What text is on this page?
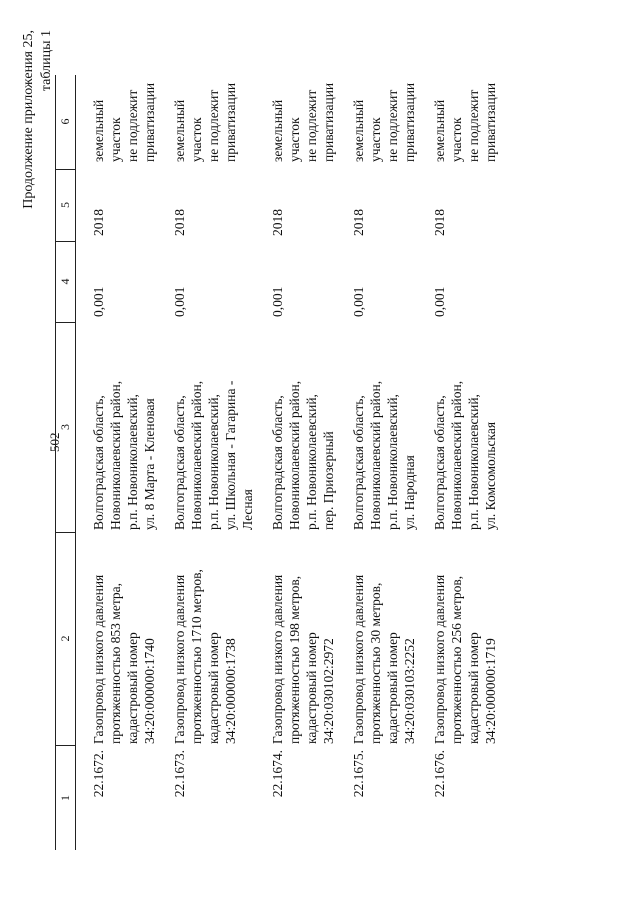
502
Продолжение приложения 25, таблицы 1
1
2
3
4
5
6
22.1672.
Газопровод низкого давления протяженностью 853 метра, кадастровый номер 34:20:000000:1740
Волгоградская область, Новониколаевский район, р.п. Новониколаевский, ул. 8 Марта - Кленовая
0,001
2018
земельный участок не подлежит приватизации
22.1673.
Газопровод низкого давления протяженностью 1710 метров, кадастровый номер 34:20:000000:1738
Волгоградская область, Новониколаевский район, р.п. Новониколаевский, ул. Школьная - Гагарина - Лесная
0,001
2018
земельный участок не подлежит приватизации
22.1674.
Газопровод низкого давления протяженностью 198 метров, кадастровый номер 34:20:030102:2972
Волгоградская область, Новониколаевский район, р.п. Новониколаевский, пер. Приозерный
0,001
2018
земельный участок не подлежит приватизации
22.1675.
Газопровод низкого давления протяженностью 30 метров, кадастровый номер 34:20:030103:2252
Волгоградская область, Новониколаевский район, р.п. Новониколаевский, ул. Народная
0,001
2018
земельный участок не подлежит приватизации
22.1676.
Газопровод низкого давления протяженностью 256 метров, кадастровый номер 34:20:000000:1719
Волгоградская область, Новониколаевский район, р.п. Новониколаевский, ул. Комсомольская
0,001
2018
земельный участок не подлежит приватизации
